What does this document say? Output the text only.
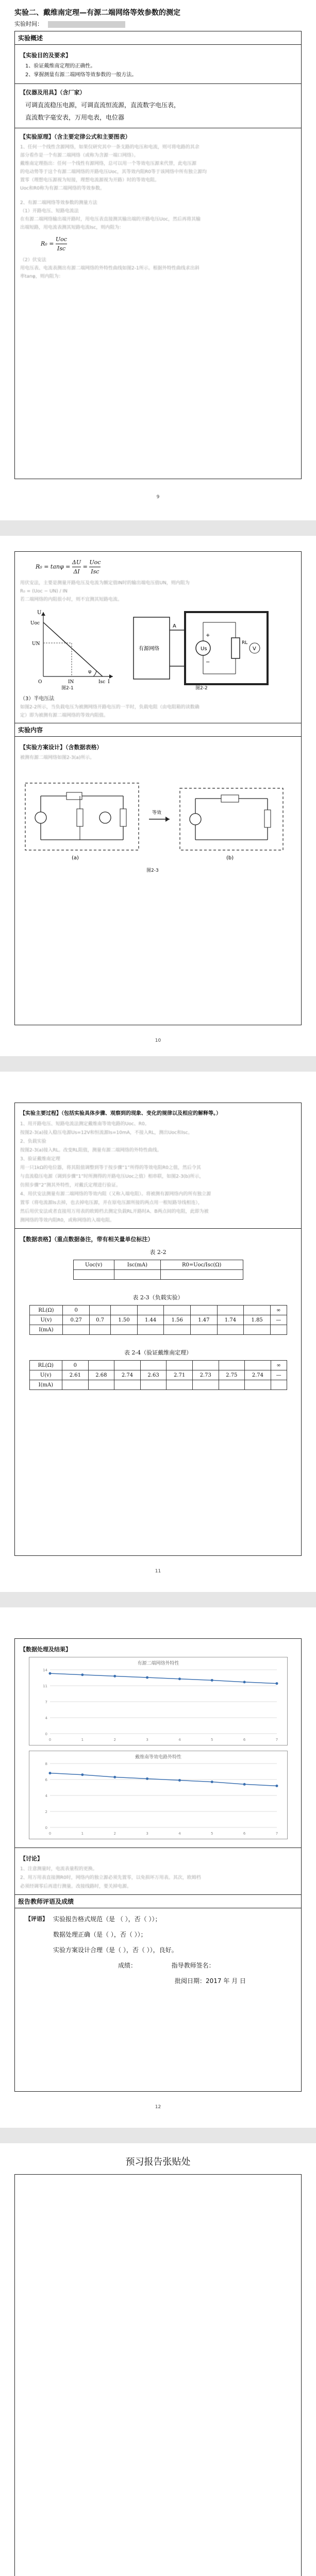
实验二、戴维南定理—有源二端网络等效参数的测定
实验时间：
实验概述
【实验目的及要求】

1、验证戴维南定理的正确性。

2、掌握测量有源二端网络等效参数的一般方法。

【仪器及用具】（含厂家）

可调直流稳压电源，可调直流恒流源，直流数字电压表，

直流数字毫安表，万用电表，电位器

【实验原理】（含主要定律公式和主要图表）

1、任何一个线性含源网络，如果仅研究其中一条支路的电压和电流，则可将电路的其余

部分看作是一个有源二端网络（或称为含源一端口网络）。

戴维南定理指出：任何一个线性有源网络，总可以用一个等效电压源来代替，此电压源

的电动势等于这个有源二端网络的开路电压Uoc，其等效内阻R0等于该网络中所有独立源均

置零（理想电压源视为短接，理想电流源视为开路）时的等效电阻。

Uoc和R0称为有源二端网络的等效参数。

2、有源二端网络等效参数的测量方法

（1）开路电压、短路电流法

在有源二端网络输出端开路时，用电压表直接测其输出端的开路电压Uoc，然后再将其输

出端短路，用电流表测其短路电流Isc，则内阻为：

R₀ =
Uoc
Isc

（2）伏安法

用电压表、电流表测出有源二端网络的外特性曲线如图2-1所示。根据外特性曲线求出斜

率tanφ，则内阻为：

9
$R_0 = \tan\varphi = \frac{\Delta U}{\Delta I}$ =
Uoc
Isc

用伏安法，主要是测量开路电压及电流为额定值IN时的输出端电压值UN，则内阻为

R₀ = (Uoc − UN) / IN

若二端网络的内阻很小时，则不宜测其短路电流。

U
I
Uoc
UN
IN	Isc
O
φ
有源网络	Us	V
RL
A
+
−
图2-1	图2-2

（3）半电压法

如图2-2所示，当负载电压为被测网络开路电压的一半时，负载电阻（由电阻箱的读数确

定）即为被测有源二端网络的等效内阻值。

实验内容
【实验方案设计】（含数据表格）

被测有源二端网络如图2-3(a)所示。

等效
(a)	(b)
图2-3
10
【实验主要过程】（包括实验具体步骤、观察到的现象、变化的规律以及相应的解释等。）

1、用开路电压、短路电流法测定戴维南等效电路的Uoc、R0。

按图2-3(a)接入稳压电源Us=12V和恒流源Is=10mA，不接入RL，测出Uoc和Isc。

2、负载实验

按图2-3(a)接入RL。改变RL阻值，测量有源二端网络的外特性曲线。

3、验证戴维南定理

用一只1kΩ的电位器，将其阻值调整到等于按步骤“1”所得的等效电阻R0之值，然后令其

与直流稳压电源（调到步骤“1”时所测得的开路电压Uoc之值）相串联，如图2-3(b)所示，

仿照步骤“2”测其外特性，对戴氏定理进行验证。

4、用伏安法测量有源二端网络的等效内阻（又称入端电阻）。将被测有源网络内的所有独立源

置零（将电流源Is去掉，也去掉电压源，并在原电压源所接的两点用一根短路导线相连），

然后用伏安法或者直接用万用表的欧姆档去测定负载RL开路时A、B两点间的电阻，此即为被

测网络的等效内阻R0，或称网络的入端电阻。

【数据表格】（重点数据备注，带有相关量单位标注）
表 2-2
Uoc(v)	Isc(mA)	R0=Uoc/Isc(Ω)

表 2-3（负载实验）
RL(Ω)	0								∞
U(v)	0.27	0.7	1.50	1.44	1.56	1.47	1.74	1.85	—
I(mA)									
表 2-4（验证戴维南定理）
RL(Ω)	0								∞
U(v)	2.61	2.68	2.74	2.63	2.71	2.73	2.75	2.74	—
I(mA)									
11
【数据处理及结果】
有源二端网络外特性
0
4
7
11
14
0	1	2	3	4	5	6	7
戴维南等效电路外特性
0
2
4
6
8
0	1	2	3	4	5	6	7
【讨论】

1、注意测量时，电流表量程的更换。

2、用万用表直接测R0时，网络内的独立源必须先置零，以免损坏万用表。其次，欧姆档

必须经调零后再进行测量。改接线路时，要关掉电源。

报告教师评语及成绩
【评语】 实验报告格式规范（是 （ ），否（ ））；

数据处理正确（是（ ），否（ ））；

实验方案设计合理（是（ ），否（ ）），良好。

成绩：	指导教师签名：

批阅日期：2017 年 月 日

12
预习报告张贴处
